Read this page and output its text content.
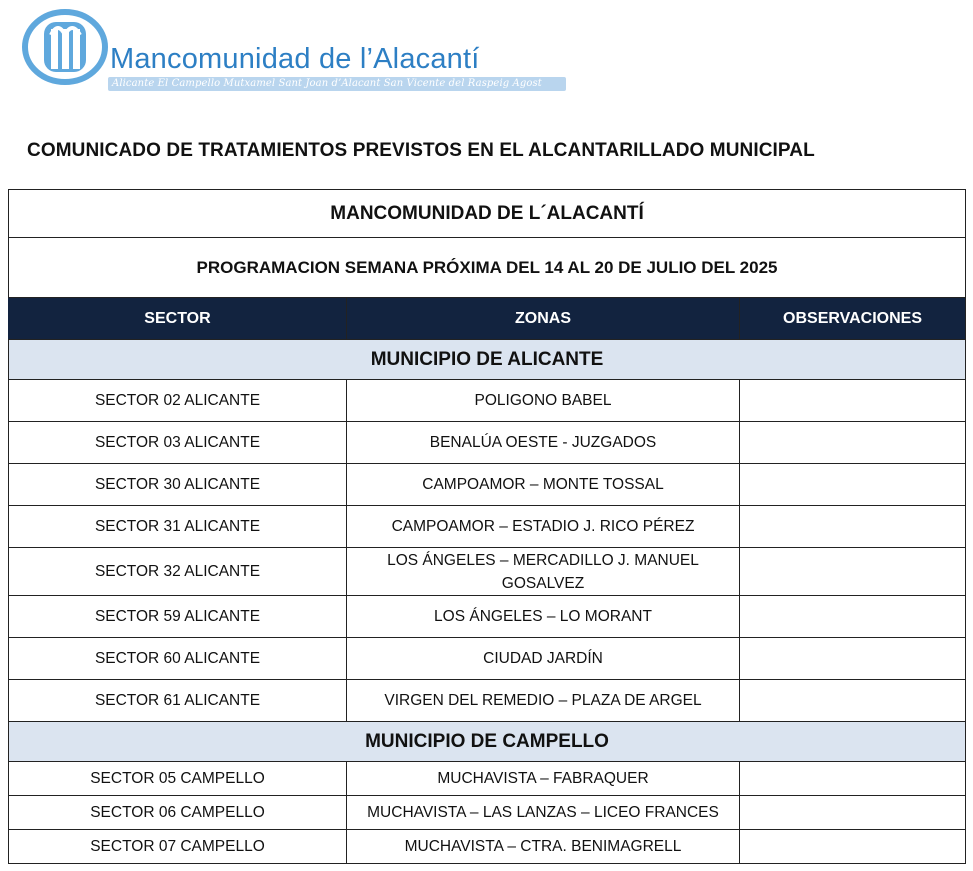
Mancomunidad de l’Alacantí
Alicante El Campello Mutxamel Sant Joan d’Alacant San Vicente del Raspeig Agost
COMUNICADO DE TRATAMIENTOS PREVISTOS EN EL ALCANTARILLADO MUNICIPAL
MANCOMUNIDAD DE L´ALACANTÍ		
PROGRAMACION SEMANA PRÓXIMA DEL 14 AL 20 DE JULIO DEL 2025		
SECTOR	ZONAS	OBSERVACIONES
MUNICIPIO DE ALICANTE		
SECTOR 02 ALICANTE	POLIGONO BABEL	
SECTOR 03 ALICANTE	BENALÚA OESTE - JUZGADOS	
SECTOR 30 ALICANTE	CAMPOAMOR – MONTE TOSSAL	
SECTOR 31 ALICANTE	CAMPOAMOR – ESTADIO J. RICO PÉREZ	
SECTOR 32 ALICANTE	LOS ÁNGELES – MERCADILLO J. MANUEL GOSALVEZ	
SECTOR 59 ALICANTE	LOS ÁNGELES – LO MORANT	
SECTOR 60 ALICANTE	CIUDAD JARDÍN	
SECTOR 61 ALICANTE	VIRGEN DEL REMEDIO – PLAZA DE ARGEL	
MUNICIPIO DE CAMPELLO		
SECTOR 05 CAMPELLO	MUCHAVISTA – FABRAQUER	
SECTOR 06 CAMPELLO	MUCHAVISTA – LAS LANZAS – LICEO FRANCES	
SECTOR 07 CAMPELLO	MUCHAVISTA – CTRA. BENIMAGRELL	
